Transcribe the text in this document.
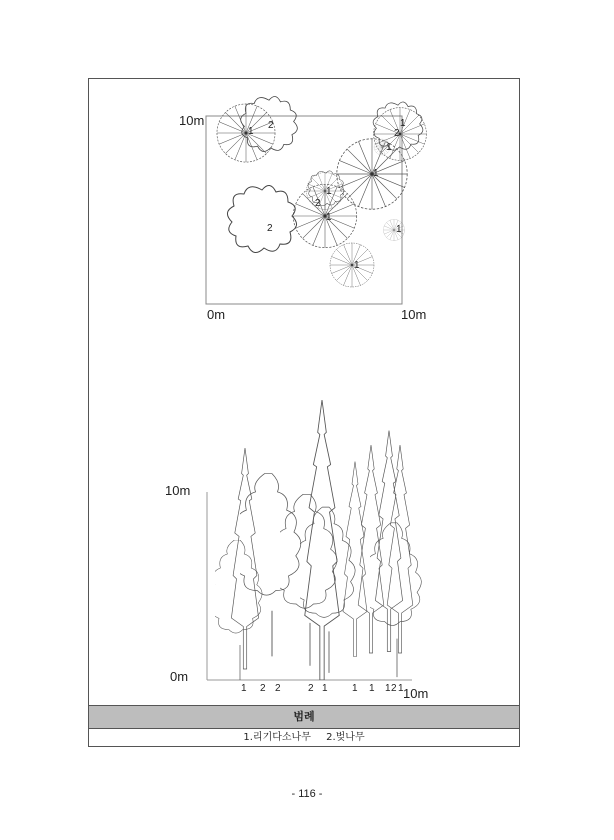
범례
1.리기다소나무 2.벚나무
10m
0m	10m
1
2	1
2
1
1
1
2
1
2	1
1
10m
0m
10m
1 2 2	2 1 1 1 1 2 1
- 116 -
